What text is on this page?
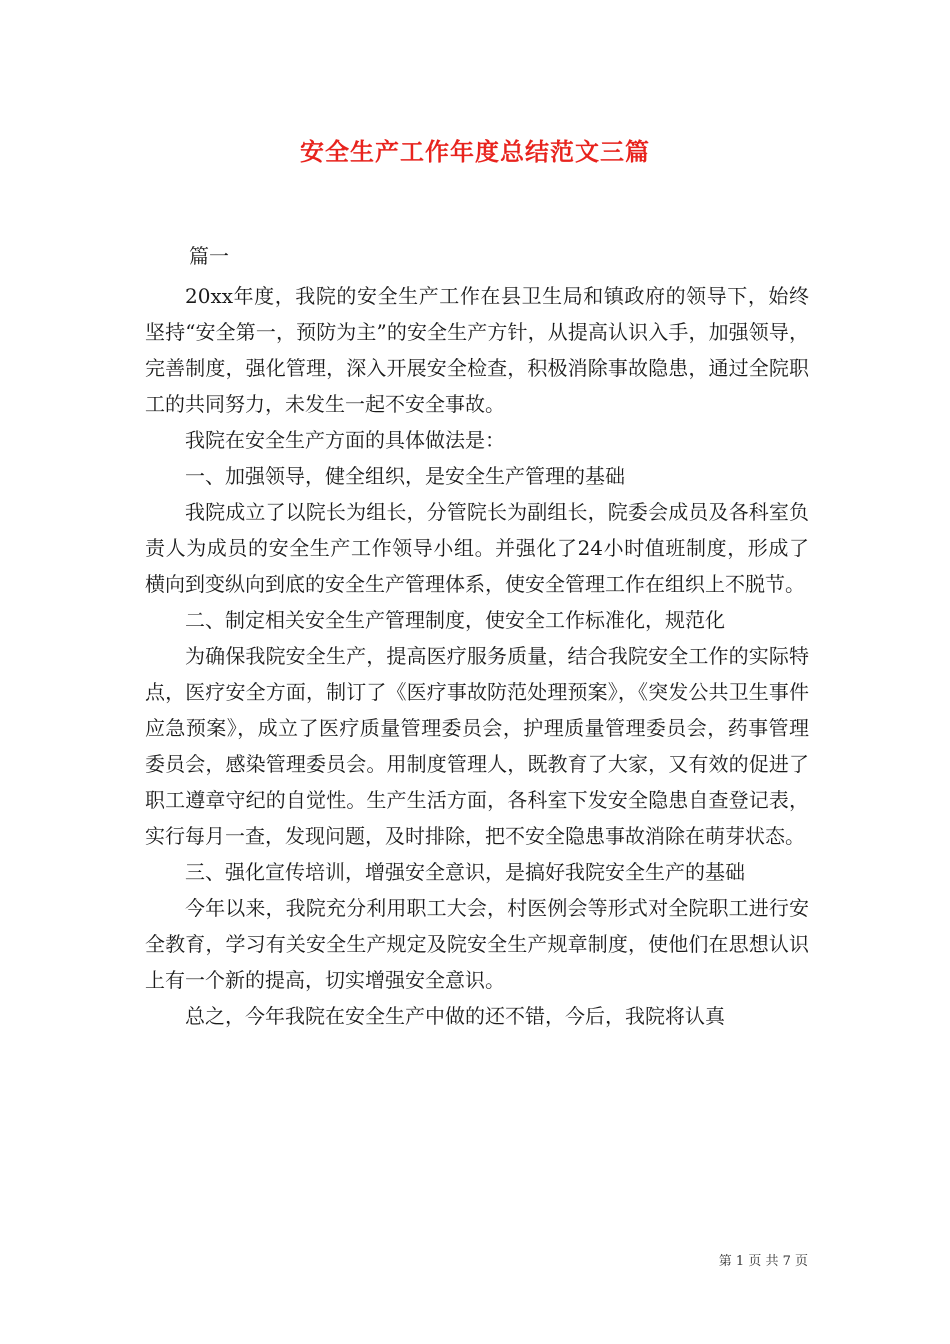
安全生产工作年度总结范文三篇

篇一

20xx年度，我院的安全生产工作在县卫生局和镇政府的领导下，始终坚持“安全第一，预防为主”的安全生产方针，从提高认识入手，加强领导，完善制度，强化管理，深入开展安全检查，积极消除事故隐患，通过全院职工的共同努力，未发生一起不安全事故。

我院在安全生产方面的具体做法是：

一、加强领导，健全组织，是安全生产管理的基础

我院成立了以院长为组长，分管院长为副组长，院委会成员及各科室负责人为成员的安全生产工作领导小组。并强化了24小时值班制度，形成了横向到变纵向到底的安全生产管理体系，使安全管理工作在组织上不脱节。

二、制定相关安全生产管理制度，使安全工作标准化，规范化

为确保我院安全生产，提高医疗服务质量，结合我院安全工作的实际特点，医疗安全方面，制订了《医疗事故防范处理预案》，《突发公共卫生事件应急预案》，成立了医疗质量管理委员会，护理质量管理委员会，药事管理委员会，感染管理委员会。用制度管理人，既教育了大家，又有效的促进了职工遵章守纪的自觉性。生产生活方面，各科室下发安全隐患自查登记表，实行每月一查，发现问题，及时排除，把不安全隐患事故消除在萌芽状态。

三、强化宣传培训，增强安全意识，是搞好我院安全生产的基础

今年以来，我院充分利用职工大会，村医例会等形式对全院职工进行安全教育，学习有关安全生产规定及院安全生产规章制度，使他们在思想认识上有一个新的提高，切实增强安全意识。

总之，今年我院在安全生产中做的还不错，今后，我院将认真

第 1 页 共 7 页
